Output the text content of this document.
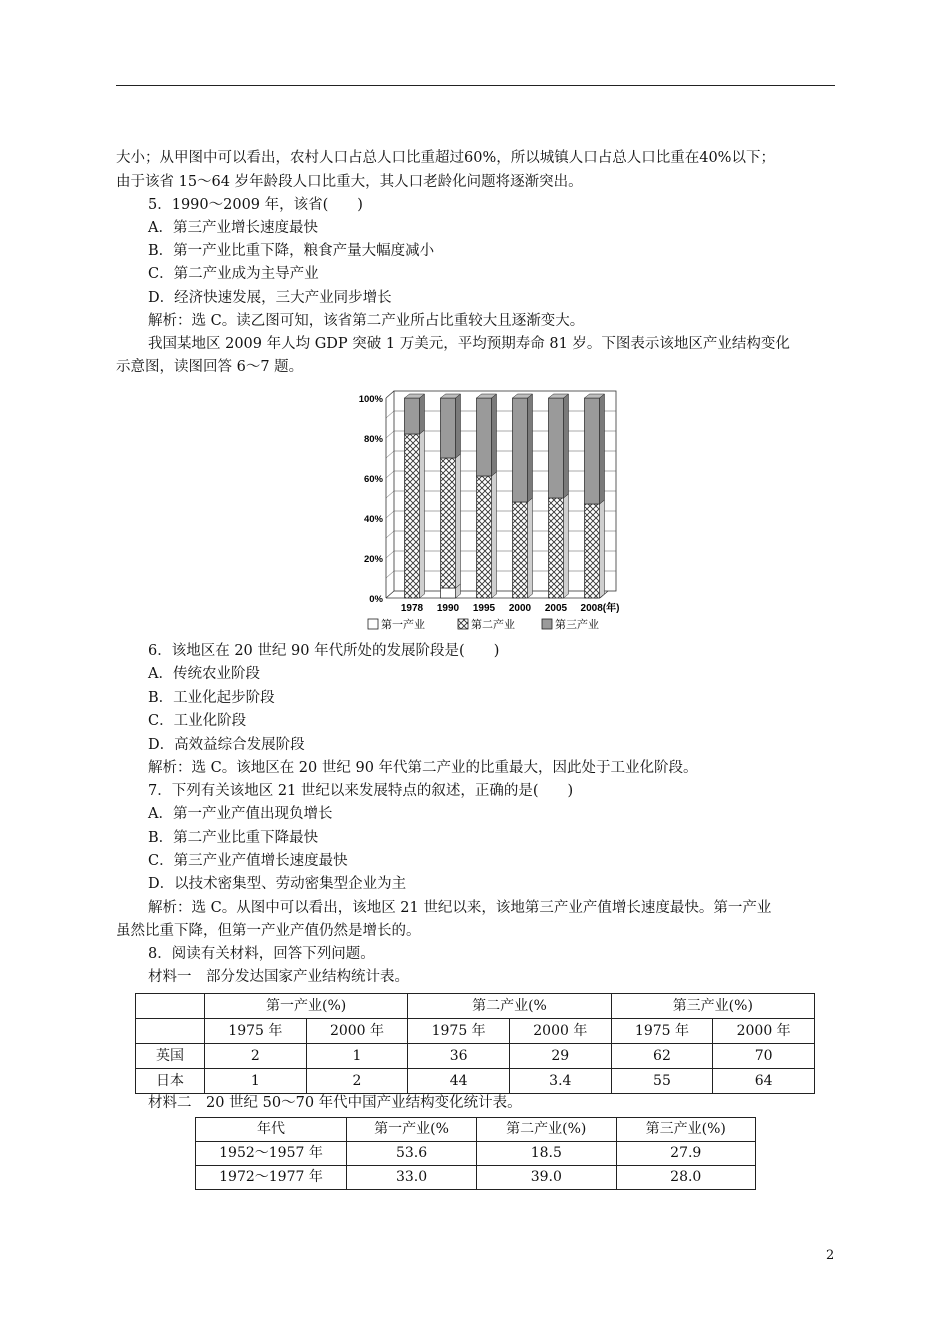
大小；从甲图中可以看出，农村人口占总人口比重超过60%，所以城镇人口占总人口比重在40%以下；
由于该省 15～64 岁年龄段人口比重大，其人口老龄化问题将逐渐突出。
5．1990～2009 年，该省(　　)
A．第三产业增长速度最快
B．第一产业比重下降，粮食产量大幅度减小
C．第二产业成为主导产业
D．经济快速发展，三大产业同步增长
解析：选 C。读乙图可知，该省第二产业所占比重较大且逐渐变大。
我国某地区 2009 年人均 GDP 突破 1 万美元，平均预期寿命 81 岁。下图表示该地区产业结构变化
示意图，读图回答 6～7 题。
0%
20%
40%
60%
80%
100%
1978 1990 1995 2000 2005 2008(年)
第一产业	第二产业	第三产业
6．该地区在 20 世纪 90 年代所处的发展阶段是(　　)
A．传统农业阶段
B．工业化起步阶段
C．工业化阶段
D．高效益综合发展阶段
解析：选 C。该地区在 20 世纪 90 年代第二产业的比重最大，因此处于工业化阶段。
7．下列有关该地区 21 世纪以来发展特点的叙述，正确的是(　　)
A．第一产业产值出现负增长
B．第二产业比重下降最快
C．第三产业产值增长速度最快
D．以技术密集型、劳动密集型企业为主
解析：选 C。从图中可以看出，该地区 21 世纪以来，该地第三产业产值增长速度最快。第一产业
虽然比重下降，但第一产业产值仍然是增长的。
8．阅读有关材料，回答下列问题。
材料一　部分发达国家产业结构统计表。
	第一产业(%)		第二产业(%		第三产业(%)	
	1975 年	2000 年	1975 年	2000 年	1975 年	2000 年
英国	2	1	36	29	62	70
日本	1	2	44	3.4	55	64
材料二　20 世纪 50～70 年代中国产业结构变化统计表。
年代	第一产业(%	第二产业(%)	第三产业(%)
1952～1957 年	53.6	18.5	27.9
1972～1977 年	33.0	39.0	28.0
2
